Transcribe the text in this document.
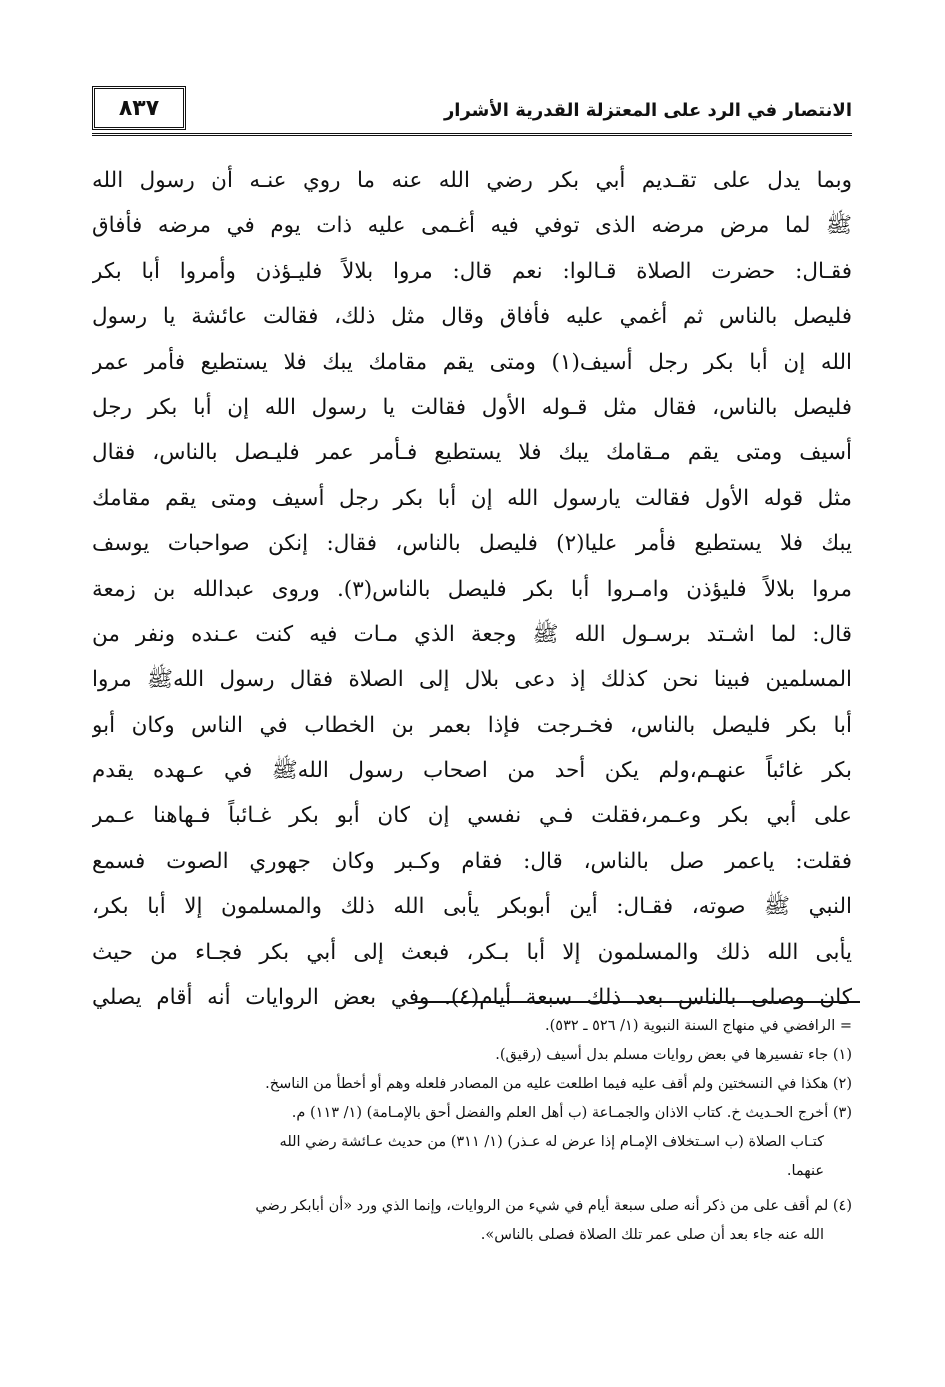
الانتصار في الرد على المعتزلة القدرية الأشرار
٨٣٧
وبما يدل على تقـديم أبي بكر رضي الله عنه ما روي عنـه أن رسول الله
ﷺ لما مرض مرضه الذى توفي فيه أغـمى عليه ذات يوم في مرضه فأفاق
فقـال: حضرت الصلاة قـالوا: نعم قال: مروا بلالاً فليـؤذن وأمروا أبا بكر
فليصل بالناس ثم أغمي عليه فأفاق وقال مثل ذلك، فقالت عائشة يا رسول
الله إن أبا بكر رجل أسيف(١) ومتى يقم مقامك يبك فلا يستطيع فأمر عمر
فليصل بالناس، فقال مثل قـوله الأول فقالت يا رسول الله إن أبا بكر رجل
أسيف ومتى يقم مـقامك يبك فلا يستطيع فـأمر عمر فليـصل بالناس، فقال
مثل قوله الأول فقالت يارسول الله إن أبا بكر رجل أسيف ومتى يقم مقامك
يبك فلا يستطيع فأمر عليا(٢) فليصل بالناس، فقال: إنكن صواحبات يوسف
مروا بلالاً فليؤذن وامـروا أبا بكر فليصل بالناس(٣). وروى عبدالله بن زمعة
قال: لما اشـتد برسـول الله ﷺ وجعة الذي مـات فيه كنت عـنده ونفر من
المسلمين فبينا نحن كذلك إذ دعى بلال إلى الصلاة فقال رسول اللهﷺ مروا
أبا بكر فليصل بالناس، فخـرجت فإذا بعمر بن الخطاب في الناس وكان أبو
بكر غائباً عنهـم،ولم يكن أحد من اصحاب رسول اللهﷺ في عـهده يقدم
على أبي بكر وعـمر،فقلت فـي نفسي إن كان أبو بكر غـائباً فـهاهنا عـمر
فقلت: ياعمر صل بالناس، قال: فقام وكـبر وكان جهوري الصوت فسمع
النبي ﷺ صوته، فقـال: أين أبوبكر يأبى الله ذلك والمسلمون إلا أبا بكر،
يأبى الله ذلك والمسلمون إلا أبا بـكر، فبعث إلى أبي بكر فجـاء من حيث
كان وصلى بالناس بعد ذلك سبعة أيام(٤). وفي بعض الروايات أنه أقام يصلي
= الرافضي في منهاج السنة النبوية (١/ ٥٢٦ ـ ٥٣٢).
(١) جاء تفسيرها في بعض روايات مسلم بدل أسيف (رقيق).
(٢) هكذا في النسختين ولم أقف عليه فيما اطلعت عليه من المصادر فلعله وهم أو أخطأ من الناسخ.
(٣) أخرج الحـديث خ. كتاب الاذان والجمـاعة (ب أهل العلم والفضل أحق بالإمـامة) (١/ ١١٣) م.
كتـاب الصلاة (ب اسـتخلاف الإمـام إذا عرض له عـذر) (١/ ٣١١) من حديث عـائشة رضي الله
عنهما.
(٤) لم أقف على من ذكر أنه صلى سبعة أيام في شيء من الروايات، وإنما الذي ورد «أن أبابكر رضي
الله عنه جاء بعد أن صلى عمر تلك الصلاة فصلى بالناس».
